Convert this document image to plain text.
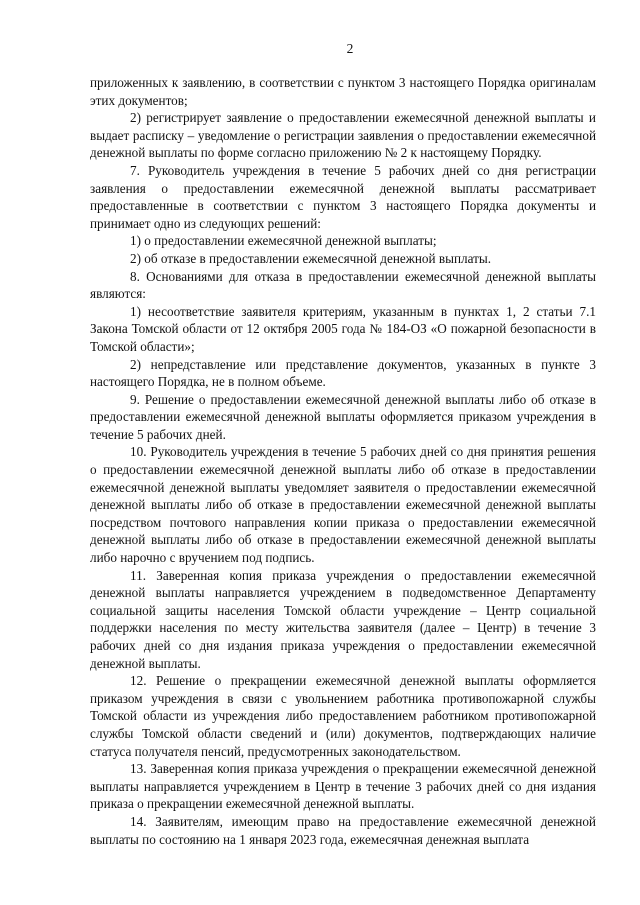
2

приложенных к заявлению, в соответствии с пунктом 3 настоящего Порядка оригиналам этих документов;

2) регистрирует заявление о предоставлении ежемесячной денежной выплаты и выдает расписку – уведомление о регистрации заявления о предоставлении ежемесячной денежной выплаты по форме согласно приложению № 2 к настоящему Порядку.

7. Руководитель учреждения в течение 5 рабочих дней со дня регистрации заявления о предоставлении ежемесячной денежной выплаты рассматривает предоставленные в соответствии с пунктом 3 настоящего Порядка документы и принимает одно из следующих решений:

1) о предоставлении ежемесячной денежной выплаты;

2) об отказе в предоставлении ежемесячной денежной выплаты.

8. Основаниями для отказа в предоставлении ежемесячной денежной выплаты являются:

1) несоответствие заявителя критериям, указанным в пунктах 1, 2 статьи 7.1 Закона Томской области от 12 октября 2005 года № 184-ОЗ «О пожарной безопасности в Томской области»;

2) непредставление или представление документов, указанных в пункте 3 настоящего Порядка, не в полном объеме.

9. Решение о предоставлении ежемесячной денежной выплаты либо об отказе в предоставлении ежемесячной денежной выплаты оформляется приказом учреждения в течение 5 рабочих дней.

10. Руководитель учреждения в течение 5 рабочих дней со дня принятия решения о предоставлении ежемесячной денежной выплаты либо об отказе в предоставлении ежемесячной денежной выплаты уведомляет заявителя о предоставлении ежемесячной денежной выплаты либо об отказе в предоставлении ежемесячной денежной выплаты посредством почтового направления копии приказа о предоставлении ежемесячной денежной выплаты либо об отказе в предоставлении ежемесячной денежной выплаты либо нарочно с вручением под подпись.

11. Заверенная копия приказа учреждения о предоставлении ежемесячной денежной выплаты направляется учреждением в подведомственное Департаменту социальной защиты населения Томской области учреждение – Центр социальной поддержки населения по месту жительства заявителя (далее – Центр) в течение 3 рабочих дней со дня издания приказа учреждения о предоставлении ежемесячной денежной выплаты.

12. Решение о прекращении ежемесячной денежной выплаты оформляется приказом учреждения в связи с увольнением работника противопожарной службы Томской области из учреждения либо предоставлением работником противопожарной службы Томской области сведений и (или) документов, подтверждающих наличие статуса получателя пенсий, предусмотренных законодательством.

13. Заверенная копия приказа учреждения о прекращении ежемесячной денежной выплаты направляется учреждением в Центр в течение 3 рабочих дней со дня издания приказа о прекращении ежемесячной денежной выплаты.

14. Заявителям, имеющим право на предоставление ежемесячной денежной выплаты по состоянию на 1 января 2023 года, ежемесячная денежная выплата
